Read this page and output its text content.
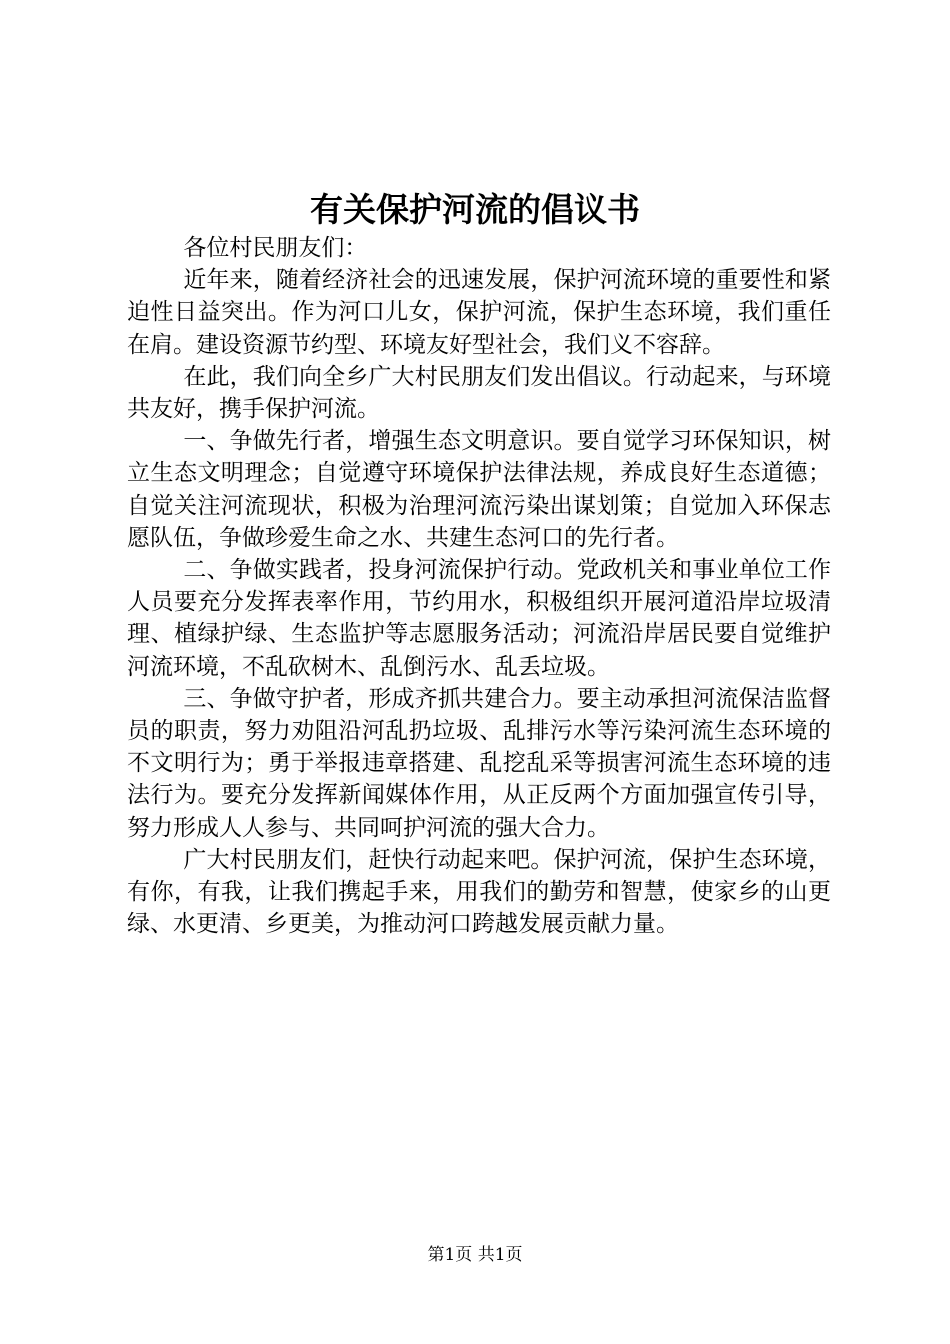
有关保护河流的倡议书

各位村民朋友们：

近年来，随着经济社会的迅速发展，保护河流环境的重要性和紧迫性日益突出。作为河口儿女，保护河流，保护生态环境，我们重任在肩。建设资源节约型、环境友好型社会，我们义不容辞。

在此，我们向全乡广大村民朋友们发出倡议。行动起来，与环境共友好，携手保护河流。

一、争做先行者，增强生态文明意识。要自觉学习环保知识，树立生态文明理念；自觉遵守环境保护法律法规，养成良好生态道德；自觉关注河流现状，积极为治理河流污染出谋划策；自觉加入环保志愿队伍，争做珍爱生命之水、共建生态河口的先行者。

二、争做实践者，投身河流保护行动。党政机关和事业单位工作人员要充分发挥表率作用，节约用水，积极组织开展河道沿岸垃圾清理、植绿护绿、生态监护等志愿服务活动；河流沿岸居民要自觉维护河流环境，不乱砍树木、乱倒污水、乱丢垃圾。

三、争做守护者，形成齐抓共建合力。要主动承担河流保洁监督员的职责，努力劝阻沿河乱扔垃圾、乱排污水等污染河流生态环境的不文明行为；勇于举报违章搭建、乱挖乱采等损害河流生态环境的违法行为。要充分发挥新闻媒体作用，从正反两个方面加强宣传引导，努力形成人人参与、共同呵护河流的强大合力。

广大村民朋友们，赶快行动起来吧。保护河流，保护生态环境，有你，有我，让我们携起手来，用我们的勤劳和智慧，使家乡的山更绿、水更清、乡更美，为推动河口跨越发展贡献力量。

第1页 共1页
